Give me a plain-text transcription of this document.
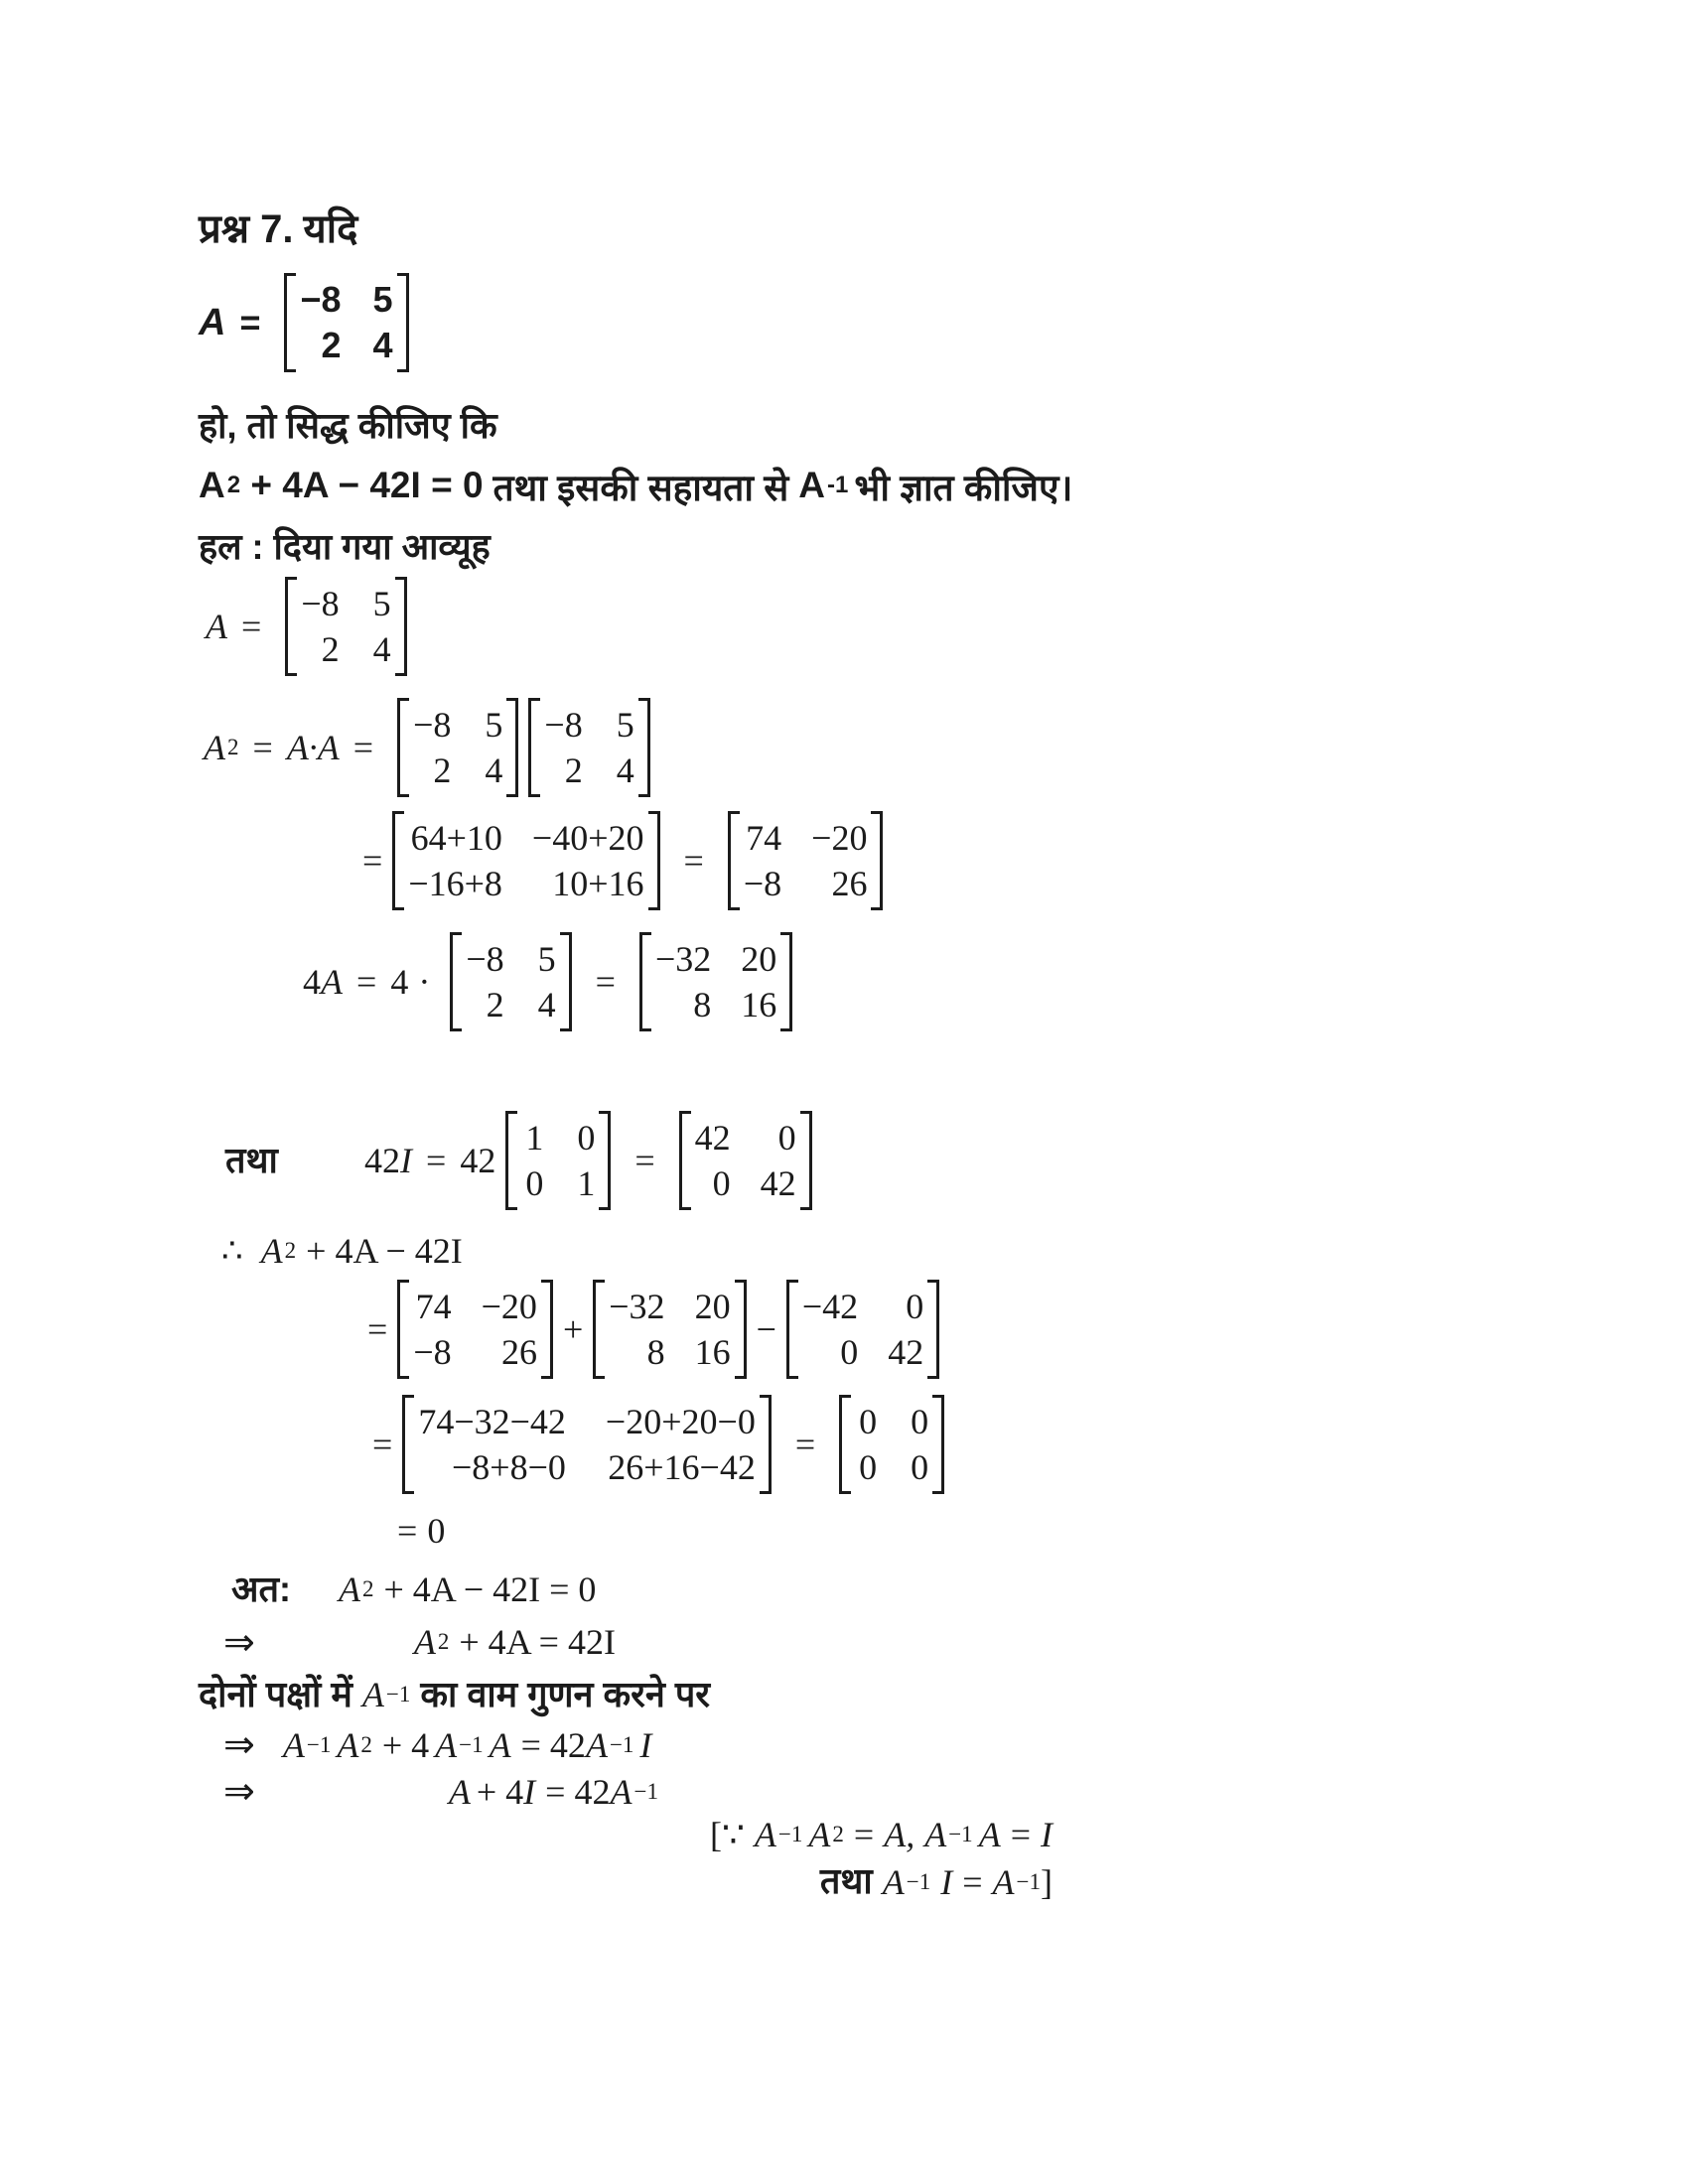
प्रश्न 7. यदि
A =
−8 5
2 4
हो, तो सिद्ध कीजिए कि
A 2 + 4A − 42I = 0 तथा इसकी सहायता से A -1 भी ज्ञात कीजिए।
हल : दिया गया आव्यूह
A =
−8 5
2 4
A 2 = A·A =
−8 5
2 4
−8 5
2 4
=
64+10 −40+20
−16+8	10+16
=
74 −20
−8	26
4 A = 4 ·
−8 5
2 4
=
−32 20
8 16
तथा	42 I = 42
1 0
0 1
=
42	0
0 42
∴ A 2 + 4A − 42I
=
74 −20
−8	26
+
−32 20
8 16
−
−42	0
0 42
=
74−32−42 −20+20−0
−8+8−0 26+16−42
=
0 0
0 0
= 0
अत:	A 2 + 4A − 42I = 0
⇒	A 2 + 4A = 42I
दोनों पक्षों में A −1 का वाम गुणन करने पर
⇒ A −1 A 2 + 4 A −1 A = 42 A −1 I
⇒	A + 4 I = 42 A −1
[∵ A −1 A 2 = A, A −1 A = I
तथा A −1 I = A −1 ]
